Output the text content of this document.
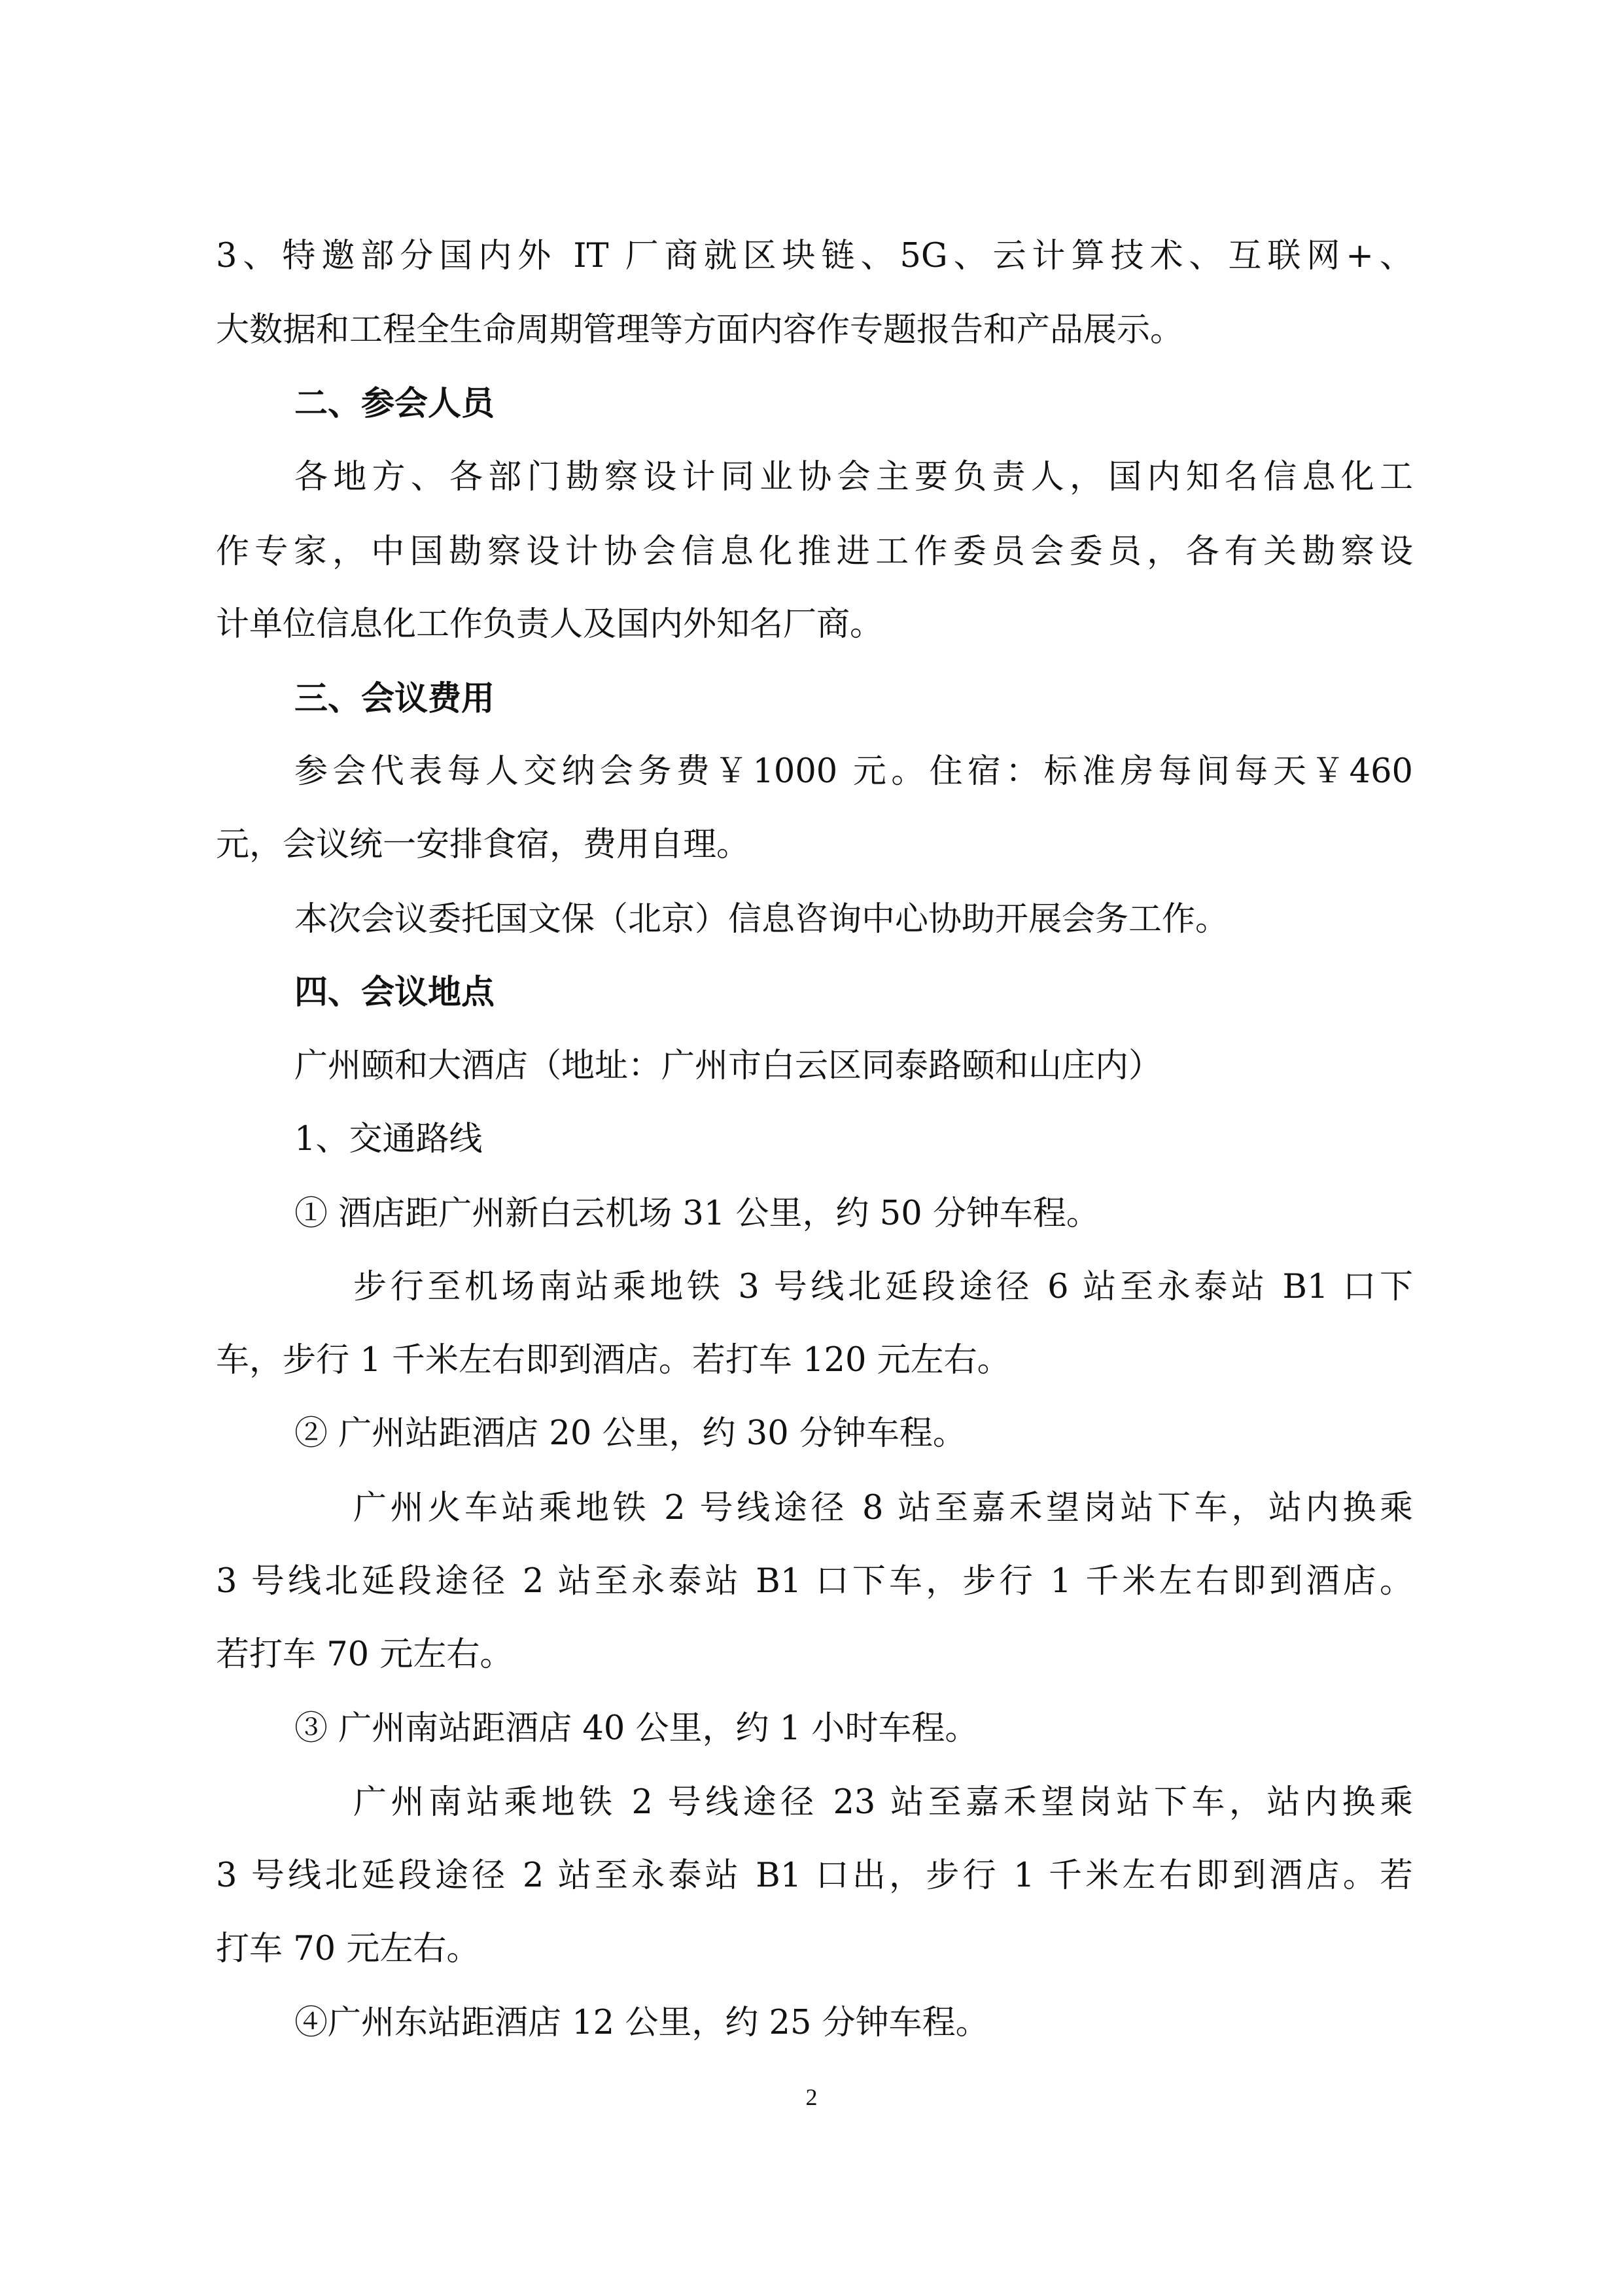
3、特邀部分国内外 IT 厂商就区块链、5G、云计算技术、互联网+、

大数据和工程全生命周期管理等方面内容作专题报告和产品展示。

二、参会人员

各地方、各部门勘察设计同业协会主要负责人，国内知名信息化工

作专家，中国勘察设计协会信息化推进工作委员会委员，各有关勘察设

计单位信息化工作负责人及国内外知名厂商。

三、会议费用

参会代表每人交纳会务费￥1000 元。住宿：标准房每间每天￥460

元，会议统一安排食宿，费用自理。

本次会议委托国文保（北京）信息咨询中心协助开展会务工作。

四、会议地点

广州颐和大酒店（地址：广州市白云区同泰路颐和山庄内）

1、交通路线

① 酒店距广州新白云机场 31 公里，约 50 分钟车程。

步行至机场南站乘地铁 3 号线北延段途径 6 站至永泰站 B1 口下

车，步行 1 千米左右即到酒店。若打车 120 元左右。

② 广州站距酒店 20 公里，约 30 分钟车程。

广州火车站乘地铁 2 号线途径 8 站至嘉禾望岗站下车，站内换乘

3 号线北延段途径 2 站至永泰站 B1 口下车，步行 1 千米左右即到酒店。

若打车 70 元左右。

③ 广州南站距酒店 40 公里，约 1 小时车程。

广州南站乘地铁 2 号线途径 23 站至嘉禾望岗站下车，站内换乘

3 号线北延段途径 2 站至永泰站 B1 口出，步行 1 千米左右即到酒店。若

打车 70 元左右。

④广州东站距酒店 12 公里，约 25 分钟车程。

2
